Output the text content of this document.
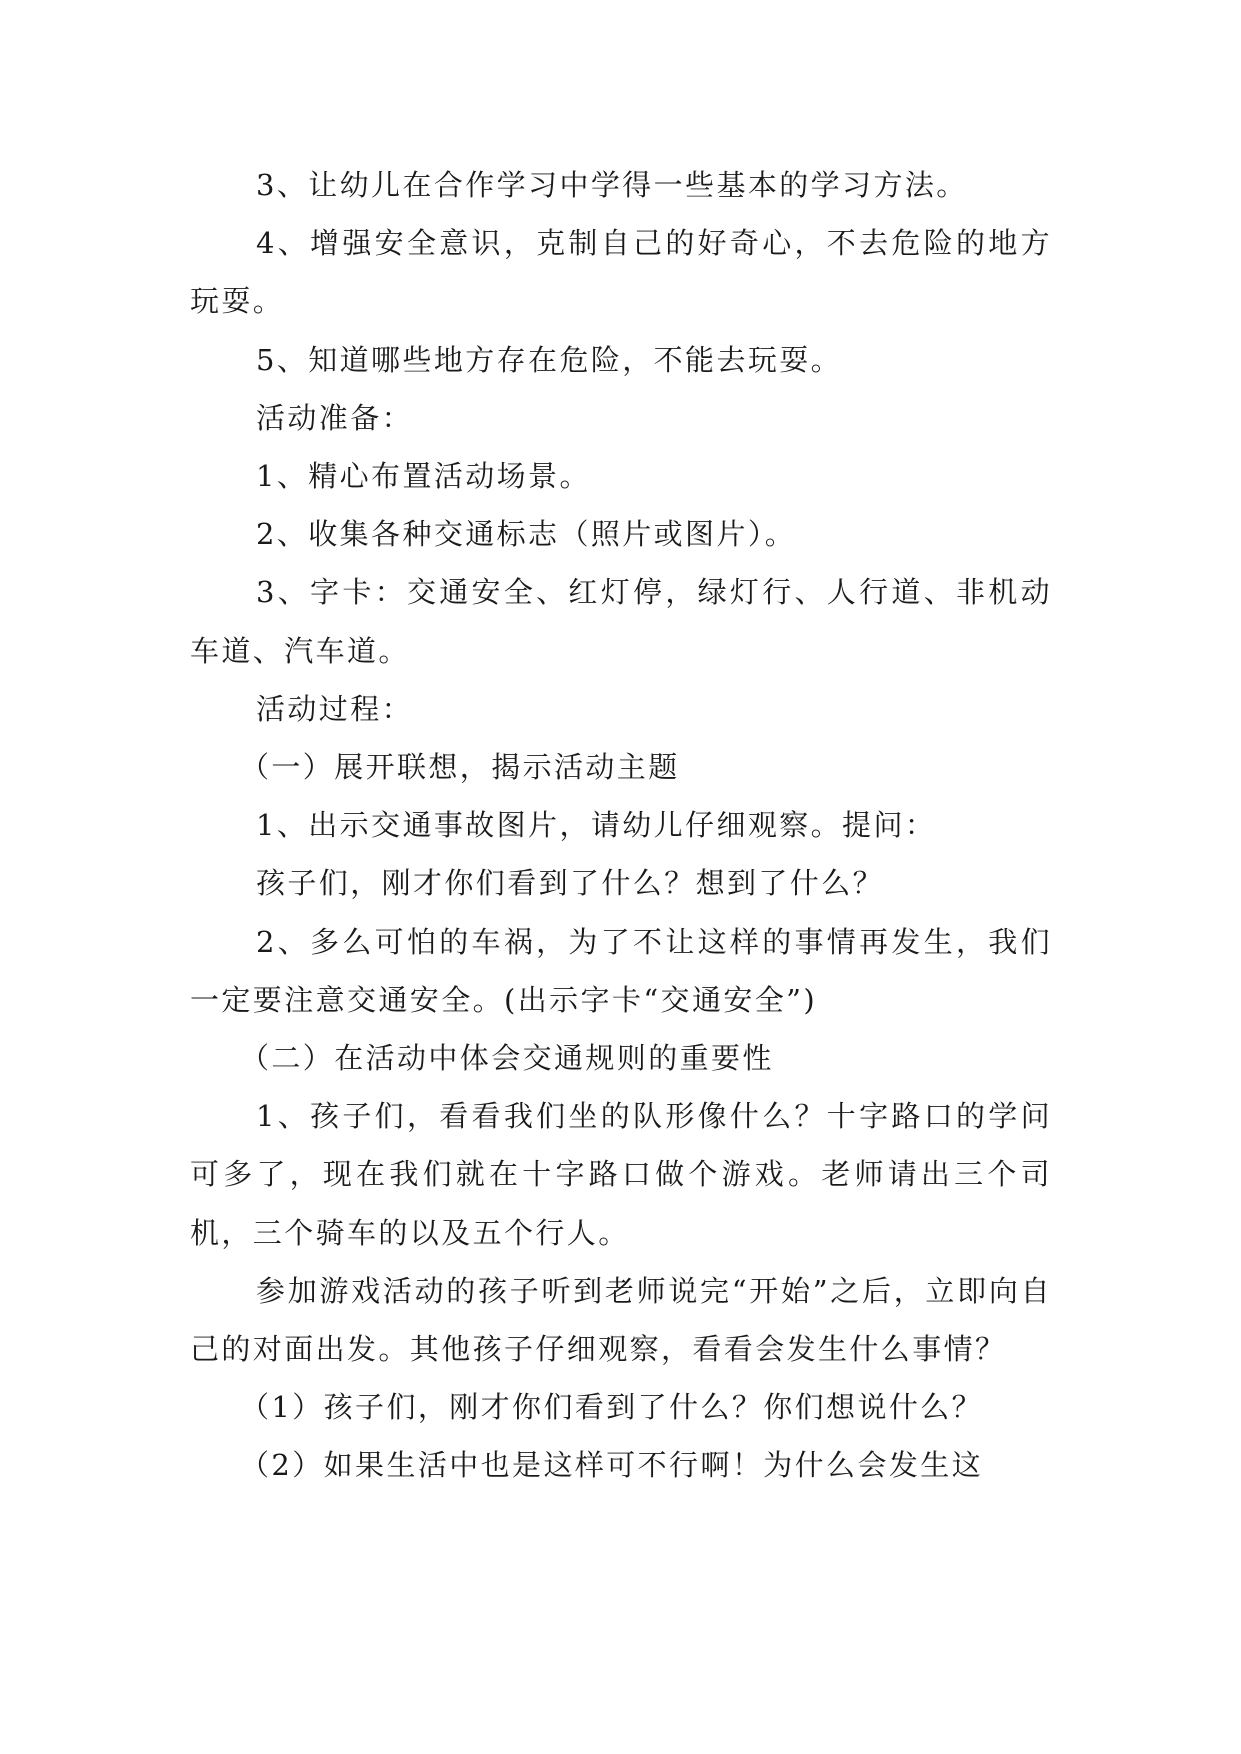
3、让幼儿在合作学习中学得一些基本的学习方法。

4、增强安全意识，克制自己的好奇心，不去危险的地方玩耍。

5、知道哪些地方存在危险，不能去玩耍。

活动准备：

1、精心布置活动场景。

2、收集各种交通标志（照片或图片）。

3、字卡：交通安全、红灯停，绿灯行、人行道、非机动车道、汽车道。

活动过程：

（一）展开联想，揭示活动主题

1、出示交通事故图片，请幼儿仔细观察。提问：

孩子们，刚才你们看到了什么？想到了什么？

2、多么可怕的车祸，为了不让这样的事情再发生，我们一定要注意交通安全。(出示字卡“交通安全”)

（二）在活动中体会交通规则的重要性

1、孩子们，看看我们坐的队形像什么？十字路口的学问可多了，现在我们就在十字路口做个游戏。老师请出三个司机，三个骑车的以及五个行人。

参加游戏活动的孩子听到老师说完“开始”之后，立即向自己的对面出发。其他孩子仔细观察，看看会发生什么事情？

（1）孩子们，刚才你们看到了什么？你们想说什么？

（2）如果生活中也是这样可不行啊！为什么会发生这
